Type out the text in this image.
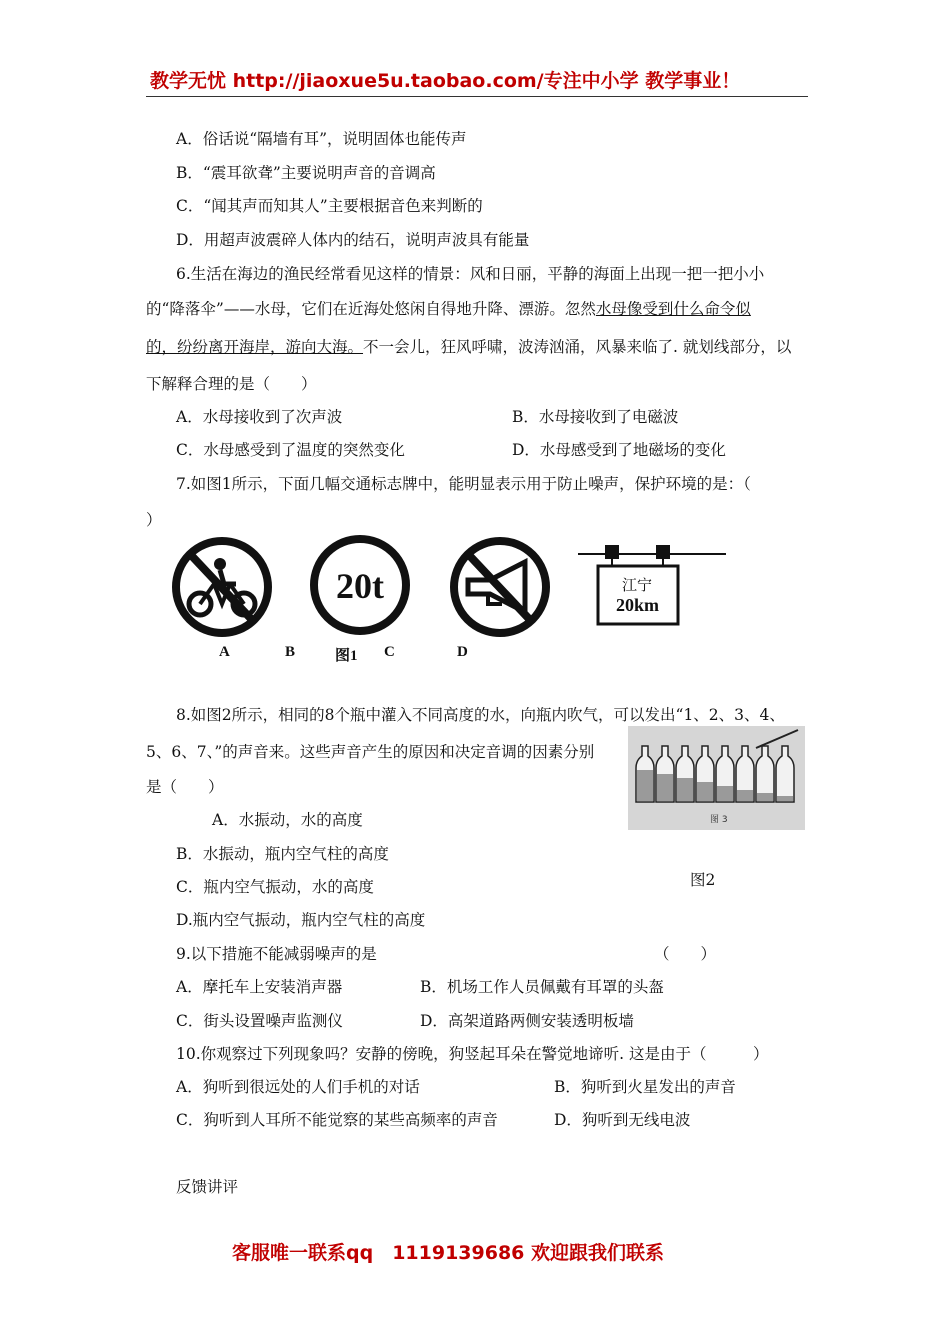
教学无忧 http://jiaoxue5u.taobao.com/专注中小学 教学事业！
A．俗话说“隔墙有耳”，说明固体也能传声
B．“震耳欲聋”主要说明声音的音调高
C．“闻其声而知其人”主要根据音色来判断的
D．用超声波震碎人体内的结石，说明声波具有能量
6.生活在海边的渔民经常看见这样的情景：风和日丽，平静的海面上出现一把一把小小
的“降落伞”——水母，它们在近海处悠闲自得地升降、漂游。忽然水母像受到什么命令似
的，纷纷离开海岸，游向大海。不一会儿，狂风呼啸，波涛汹涌，风暴来临了. 就划线部分，以
下解释合理的是（　　）
A．水母接收到了次声波	B．水母接收到了电磁波
C．水母感受到了温度的突然变化	D．水母感受到了地磁场的变化
7.如图1所示，下面几幅交通标志牌中，能明显表示用于防止噪声，保护环境的是：（
）
20t	江宁
20km
A	B	图1 C	D
8.如图2所示，相同的8个瓶中灌入不同高度的水，向瓶内吹气，可以发出“1、2、3、4、
5、6、7、”的声音来。这些声音产生的原因和决定音调的因素分别
是（　　）
A．水振动，水的高度
B．水振动，瓶内空气柱的高度
C．瓶内空气振动，水的高度
D.瓶内空气振动，瓶内空气柱的高度
图 3
图2
9.以下措施不能减弱噪声的是	（　　）
A．摩托车上安装消声器	B．机场工作人员佩戴有耳罩的头盔
C．街头设置噪声监测仪	D．高架道路两侧安装透明板墙
10.你观察过下列现象吗？安静的傍晚，狗竖起耳朵在警觉地谛听. 这是由于（　　　）
A．狗听到很远处的人们手机的对话	B．狗听到火星发出的声音
C．狗听到人耳所不能觉察的某些高频率的声音	D．狗听到无线电波
反馈讲评
客服唯一联系qq　1119139686 欢迎跟我们联系
